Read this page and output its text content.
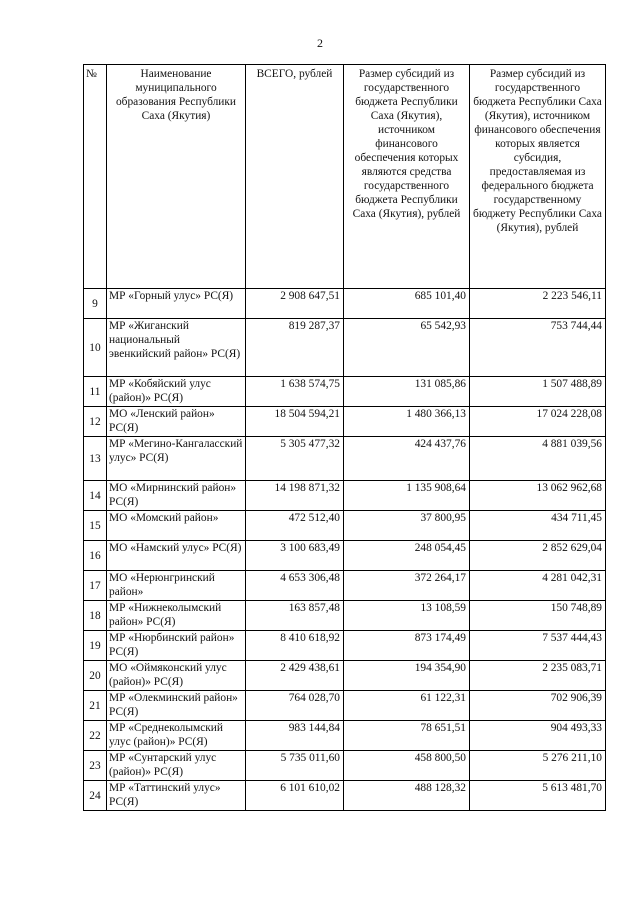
2
№	Наименование муниципального образования Республики Саха (Якутия)	ВСЕГО, рублей	Размер субсидий из государственного бюджета Республики Саха (Якутия), источником финансового обеспечения которых являются средства государственного бюджета Республики Саха (Якутия), рублей	Размер субсидий из государственного бюджета Республики Саха (Якутия), источником финансового обеспечения которых является субсидия, предоставляемая из федерального бюджета государственному бюджету Республики Саха (Якутия), рублей
9	МР «Горный улус» РС(Я)	2 908 647,51	685 101,40	2 223 546,11
10	МР «Жиганский национальный эвенкийский район» РС(Я)	819 287,37	65 542,93	753 744,44
11	МР «Кобяйский улус (район)» РС(Я)	1 638 574,75	131 085,86	1 507 488,89
12	МО «Ленский район» РС(Я)	18 504 594,21	1 480 366,13	17 024 228,08
13	МР «Мегино-Кангаласский улус» РС(Я)	5 305 477,32	424 437,76	4 881 039,56
14	МО «Мирнинский район» РС(Я)	14 198 871,32	1 135 908,64	13 062 962,68
15	МО «Момский район»	472 512,40	37 800,95	434 711,45
16	МО «Намский улус» РС(Я)	3 100 683,49	248 054,45	2 852 629,04
17	МО «Нерюнгринский район»	4 653 306,48	372 264,17	4 281 042,31
18	МР «Нижнеколымский район» РС(Я)	163 857,48	13 108,59	150 748,89
19	МР «Нюрбинский район» РС(Я)	8 410 618,92	873 174,49	7 537 444,43
20	МО «Оймяконский улус (район)» РС(Я)	2 429 438,61	194 354,90	2 235 083,71
21	МР «Олекминский район» РС(Я)	764 028,70	61 122,31	702 906,39
22	МР «Среднеколымский улус (район)» РС(Я)	983 144,84	78 651,51	904 493,33
23	МР «Сунтарский улус (район)» РС(Я)	5 735 011,60	458 800,50	5 276 211,10
24	МР «Таттинский улус» РС(Я)	6 101 610,02	488 128,32	5 613 481,70
